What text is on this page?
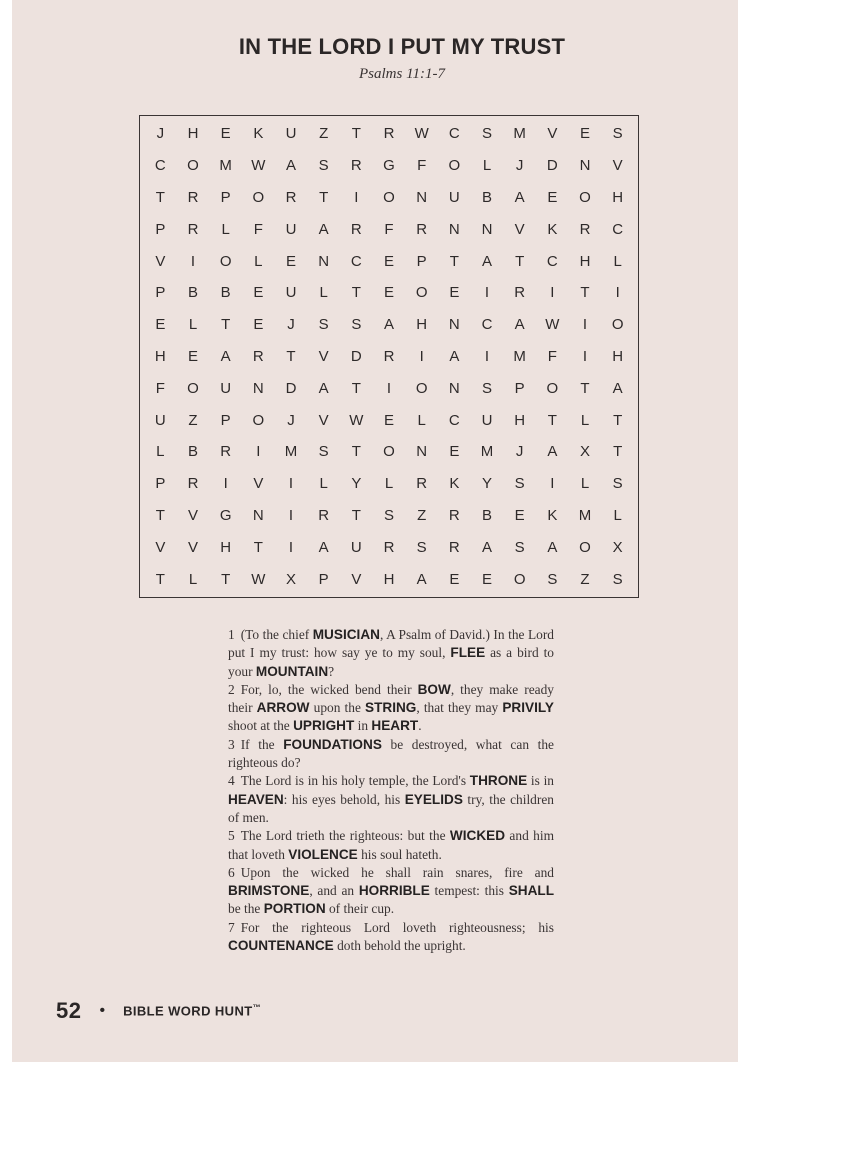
IN THE LORD I PUT MY TRUST
Psalms 11:1-7
J	H	E	K	U	Z	T	R	W	C	S	M	V	E	S
C	O	M	W	A	S	R	G	F	O	L	J	D	N	V
T	R	P	O	R	T	I	O	N	U	B	A	E	O	H
P	R	L	F	U	A	R	F	R	N	N	V	K	R	C
V	I	O	L	E	N	C	E	P	T	A	T	C	H	L
P	B	B	E	U	L	T	E	O	E	I	R	I	T	I
E	L	T	E	J	S	S	A	H	N	C	A	W	I	O
H	E	A	R	T	V	D	R	I	A	I	M	F	I	H
F	O	U	N	D	A	T	I	O	N	S	P	O	T	A
U	Z	P	O	J	V	W	E	L	C	U	H	T	L	T
L	B	R	I	M	S	T	O	N	E	M	J	A	X	T
P	R	I	V	I	L	Y	L	R	K	Y	S	I	L	S
T	V	G	N	I	R	T	S	Z	R	B	E	K	M	L
V	V	H	T	I	A	U	R	S	R	A	S	A	O	X
T	L	T	W	X	P	V	H	A	E	E	O	S	Z	S

1 (To the chief MUSICIAN, A Psalm of David.) In the Lord put I my trust: how say ye to my soul, FLEE as a bird to your MOUNTAIN?

2 For, lo, the wicked bend their BOW, they make ready their ARROW upon the STRING, that they may PRIVILY shoot at the UPRIGHT in HEART.

3 If the FOUNDATIONS be destroyed, what can the righteous do?

4 The Lord is in his holy temple, the Lord's THRONE is in HEAVEN: his eyes behold, his EYELIDS try, the children of men.

5 The Lord trieth the righteous: but the WICKED and him that loveth VIOLENCE his soul hateth.

6 Upon the wicked he shall rain snares, fire and BRIMSTONE, and an HORRIBLE tempest: this SHALL be the PORTION of their cup.

7 For the righteous Lord loveth righteousness; his COUNTENANCE doth behold the upright.

52 • BIBLE WORD HUNT™
